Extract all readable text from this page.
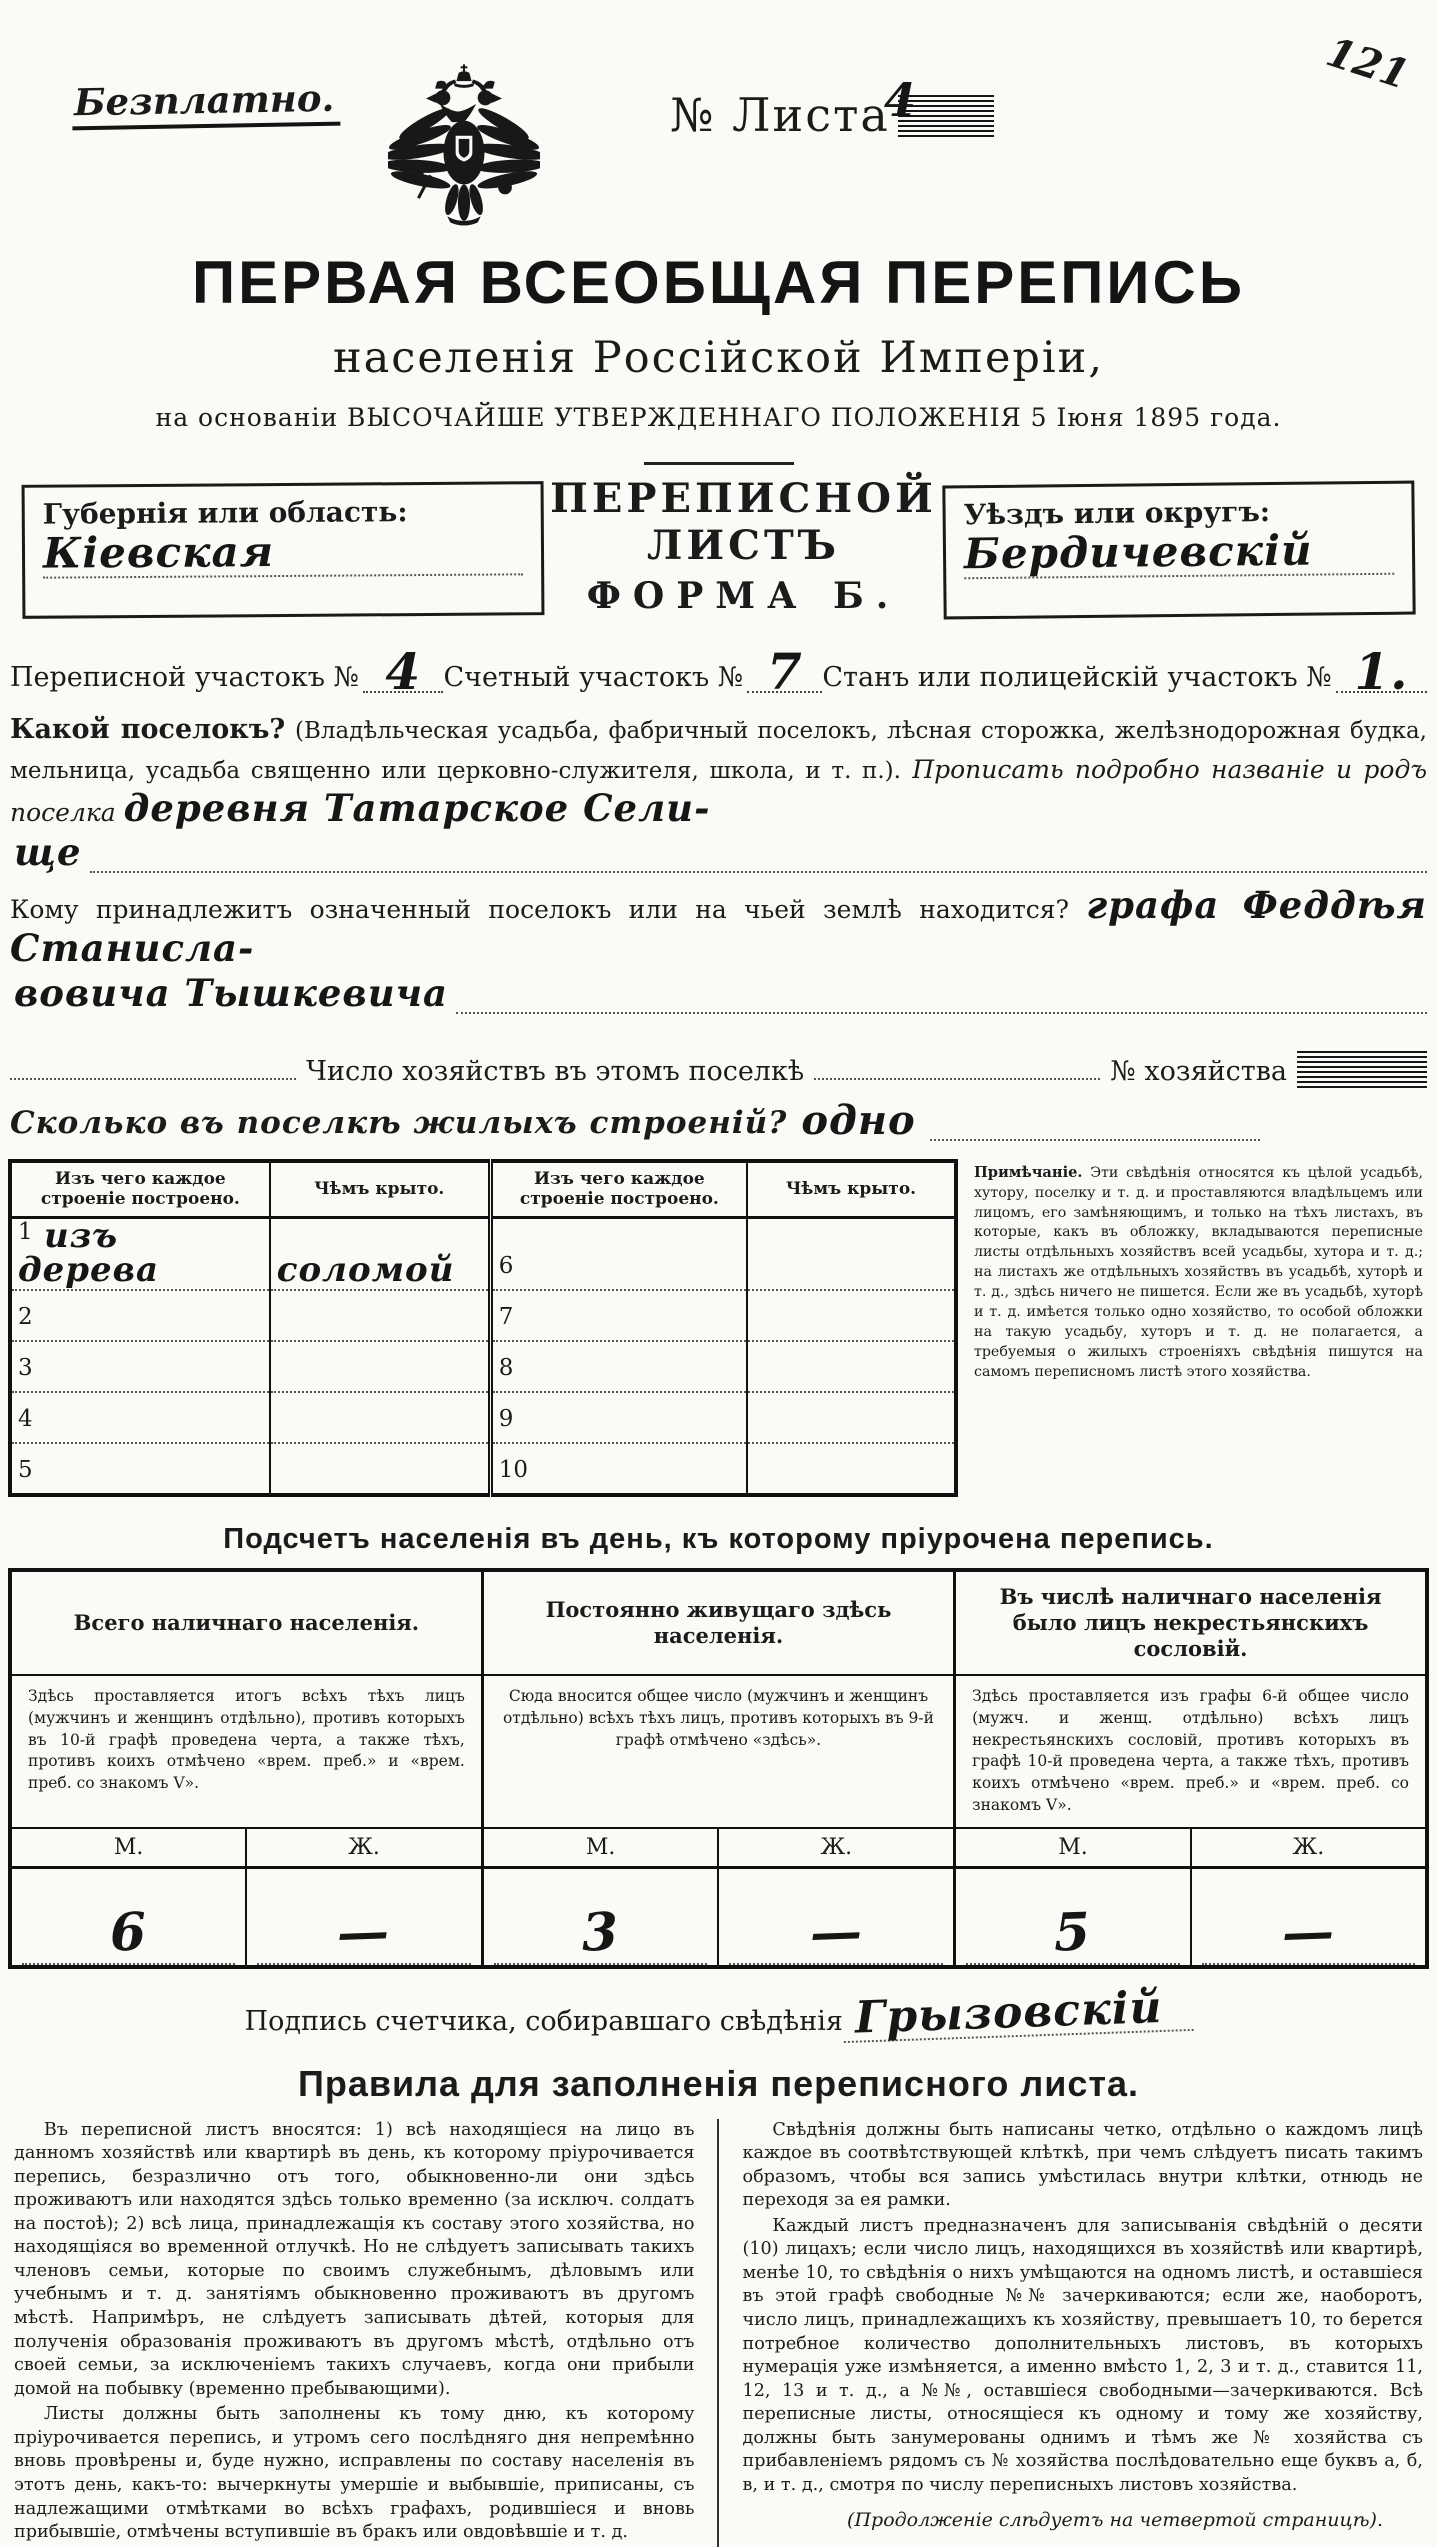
Безплатно.	№ Листа
4
121
ПЕРВАЯ ВСЕОБЩАЯ ПЕРЕПИСЬ
населенія Россійской Имперіи,
на основаніи ВЫСОЧАЙШЕ УТВЕРЖДЕННАГО ПОЛОЖЕНІЯ 5 Іюня 1895 года.
Губернія или область:
Кіевская

ПЕРЕПИСНОЙ ЛИСТЪ

ФОРМА Б.

Уѣздъ или округъ:
Бердичевскій
Переписной участокъ № 4 Счетный участокъ № 7 Станъ или полицейскій участокъ № 1.

Какой поселокъ? (Владѣльческая усадьба, фабричный поселокъ, лѣсная сторожка, желѣзнодорожная будка, мельница, усадьба священно или церковно-служителя, школа, и т. п.). Прописать подробно названіе и родъ поселка деревня Татарское Сели-

ще

Кому принадлежитъ означенный поселокъ или на чьей землѣ находится? графа Феддѣя Станисла-

вовича Тышкевича
Число хозяйствъ въ этомъ поселкѣ	№ хозяйства
Сколько въ поселкѣ жилыхъ строеній? одно
Изъ чего каждое строеніе построено.	Чѣмъ крыто.	Изъ чего каждое строеніе построено.	Чѣмъ крыто.
1 изъ дерева	соломой	6	
2		7	
3		8	
4		9	
5		10	
Примѣчаніе. Эти свѣдѣнія относятся къ цѣлой усадьбѣ, хутору, поселку и т. д. и проставляются владѣльцемъ или лицомъ, его замѣняющимъ, и только на тѣхъ листахъ, въ которые, какъ въ обложку, вкладываются переписные листы отдѣльныхъ хозяйствъ всей усадьбы, хутора и т. д.; на листахъ же отдѣльныхъ хозяйствъ въ усадьбѣ, хуторѣ и т. д., здѣсь ничего не пишется. Если же въ усадьбѣ, хуторѣ и т. д. имѣется только одно хозяйство, то особой обложки на такую усадьбу, хуторъ и т. д. не полагается, а требуемыя о жилыхъ строеніяхъ свѣдѣнія пишутся на самомъ переписномъ листѣ этого хозяйства.
Подсчетъ населенія въ день, къ которому пріурочена перепись.
Всего наличнаго населенія.		Постоянно живущаго здѣсь населенія.		Въ числѣ наличнаго населенія было лицъ некрестьянскихъ сословій.	
Здѣсь проставляется итогъ всѣхъ тѣхъ лицъ (мужчинъ и женщинъ отдѣльно), противъ которыхъ въ 10-й графѣ проведена черта, а также тѣхъ, противъ коихъ отмѣчено «врем. преб.» и «врем. преб. со знакомъ V».		Сюда вносится общее число (мужчинъ и женщинъ отдѣльно) всѣхъ тѣхъ лицъ, противъ которыхъ въ 9-й графѣ отмѣчено «здѣсь».		Здѣсь проставляется изъ графы 6-й общее число (мужч. и женщ. отдѣльно) всѣхъ лицъ некрестьянскихъ сословій, противъ которыхъ въ графѣ 10-й проведена черта, а также тѣхъ, противъ коихъ отмѣчено «врем. преб.» и «врем. преб. со знакомъ V».	
М.	Ж.	М.	Ж.	М.	Ж.

6	—	3	—	5	—
Подпись счетчика, собиравшаго свѣдѣнія Грызовскій
Правила для заполненія переписного листа.

Въ переписной листъ вносятся: 1) всѣ находящіеся на лицо въ данномъ хозяйствѣ или квартирѣ въ день, къ которому пріурочивается перепись, безразлично отъ того, обыкновенно-ли они здѣсь проживаютъ или находятся здѣсь только временно (за исключ. солдатъ на постоѣ); 2) всѣ лица, принадлежащія къ составу этого хозяйства, но находящіяся во временной отлучкѣ. Но не слѣдуетъ записывать такихъ членовъ семьи, которые по своимъ служебнымъ, дѣловымъ или учебнымъ и т. д. занятіямъ обыкновенно проживаютъ въ другомъ мѣстѣ. Напримѣръ, не слѣдуетъ записывать дѣтей, которыя для полученія образованія проживаютъ въ другомъ мѣстѣ, отдѣльно отъ своей семьи, за исключеніемъ такихъ случаевъ, когда они прибыли домой на побывку (временно пребывающими).

Листы должны быть заполнены къ тому дню, къ которому пріурочивается перепись, и утромъ сего послѣдняго дня непремѣнно вновь провѣрены и, буде нужно, исправлены по составу населенія въ этотъ день, какъ-то: вычеркнуты умершіе и выбывшіе, приписаны, съ надлежащими отмѣтками во всѣхъ графахъ, родившіеся и вновь прибывшіе, отмѣчены вступившіе въ бракъ или овдовѣвшіе и т. д.

Свѣдѣнія должны быть написаны четко, отдѣльно о каждомъ лицѣ каждое въ соотвѣтствующей клѣткѣ, при чемъ слѣдуетъ писать такимъ образомъ, чтобы вся запись умѣстилась внутри клѣтки, отнюдь не переходя за ея рамки.

Каждый листъ предназначенъ для записыванія свѣдѣній о десяти (10) лицахъ; если число лицъ, находящихся въ хозяйствѣ или квартирѣ, менѣе 10, то свѣдѣнія о нихъ умѣщаются на одномъ листѣ, и оставшіеся въ этой графѣ свободные №№ зачеркиваются; если же, наоборотъ, число лицъ, принадлежащихъ къ хозяйству, превышаетъ 10, то берется потребное количество дополнительныхъ листовъ, въ которыхъ нумерація уже измѣняется, а именно вмѣсто 1, 2, 3 и т. д., ставится 11, 12, 13 и т. д., а №№, оставшіеся свободными—зачеркиваются. Всѣ переписные листы, относящіеся къ одному и тому же хозяйству, должны быть занумерованы однимъ и тѣмъ же № хозяйства съ прибавленіемъ рядомъ съ № хозяйства послѣдовательно еще буквъ а, б, в, и т. д., смотря по числу переписныхъ листовъ хозяйства.

(Продолженіе слѣдуетъ на четвертой страницѣ).
